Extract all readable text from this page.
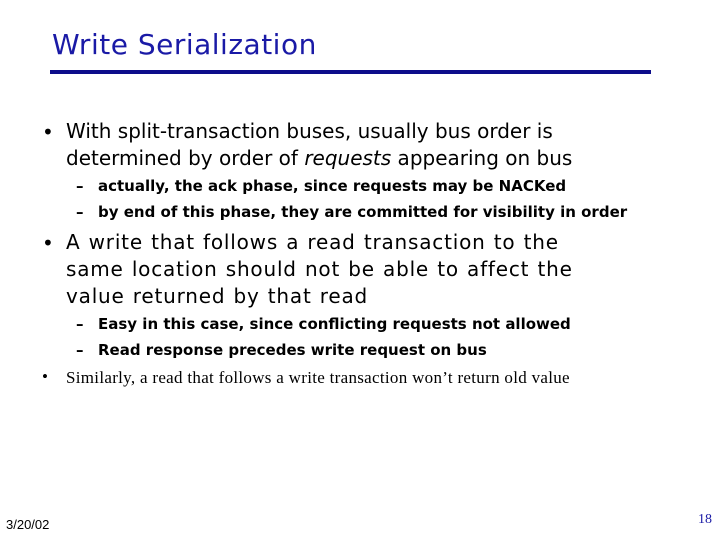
Write Serialization
• With split-transaction buses, usually bus order is
determined by order of requests appearing on bus
– actually, the ack phase, since requests may be NACKed
– by end of this phase, they are committed for visibility in order
• A write that follows a read transaction to the
same location should not be able to affect the
value returned by that read
– Easy in this case, since conflicting requests not allowed
– Read response precedes write request on bus
• Similarly, a read that follows a write transaction won’t return old value
3/20/02	18
